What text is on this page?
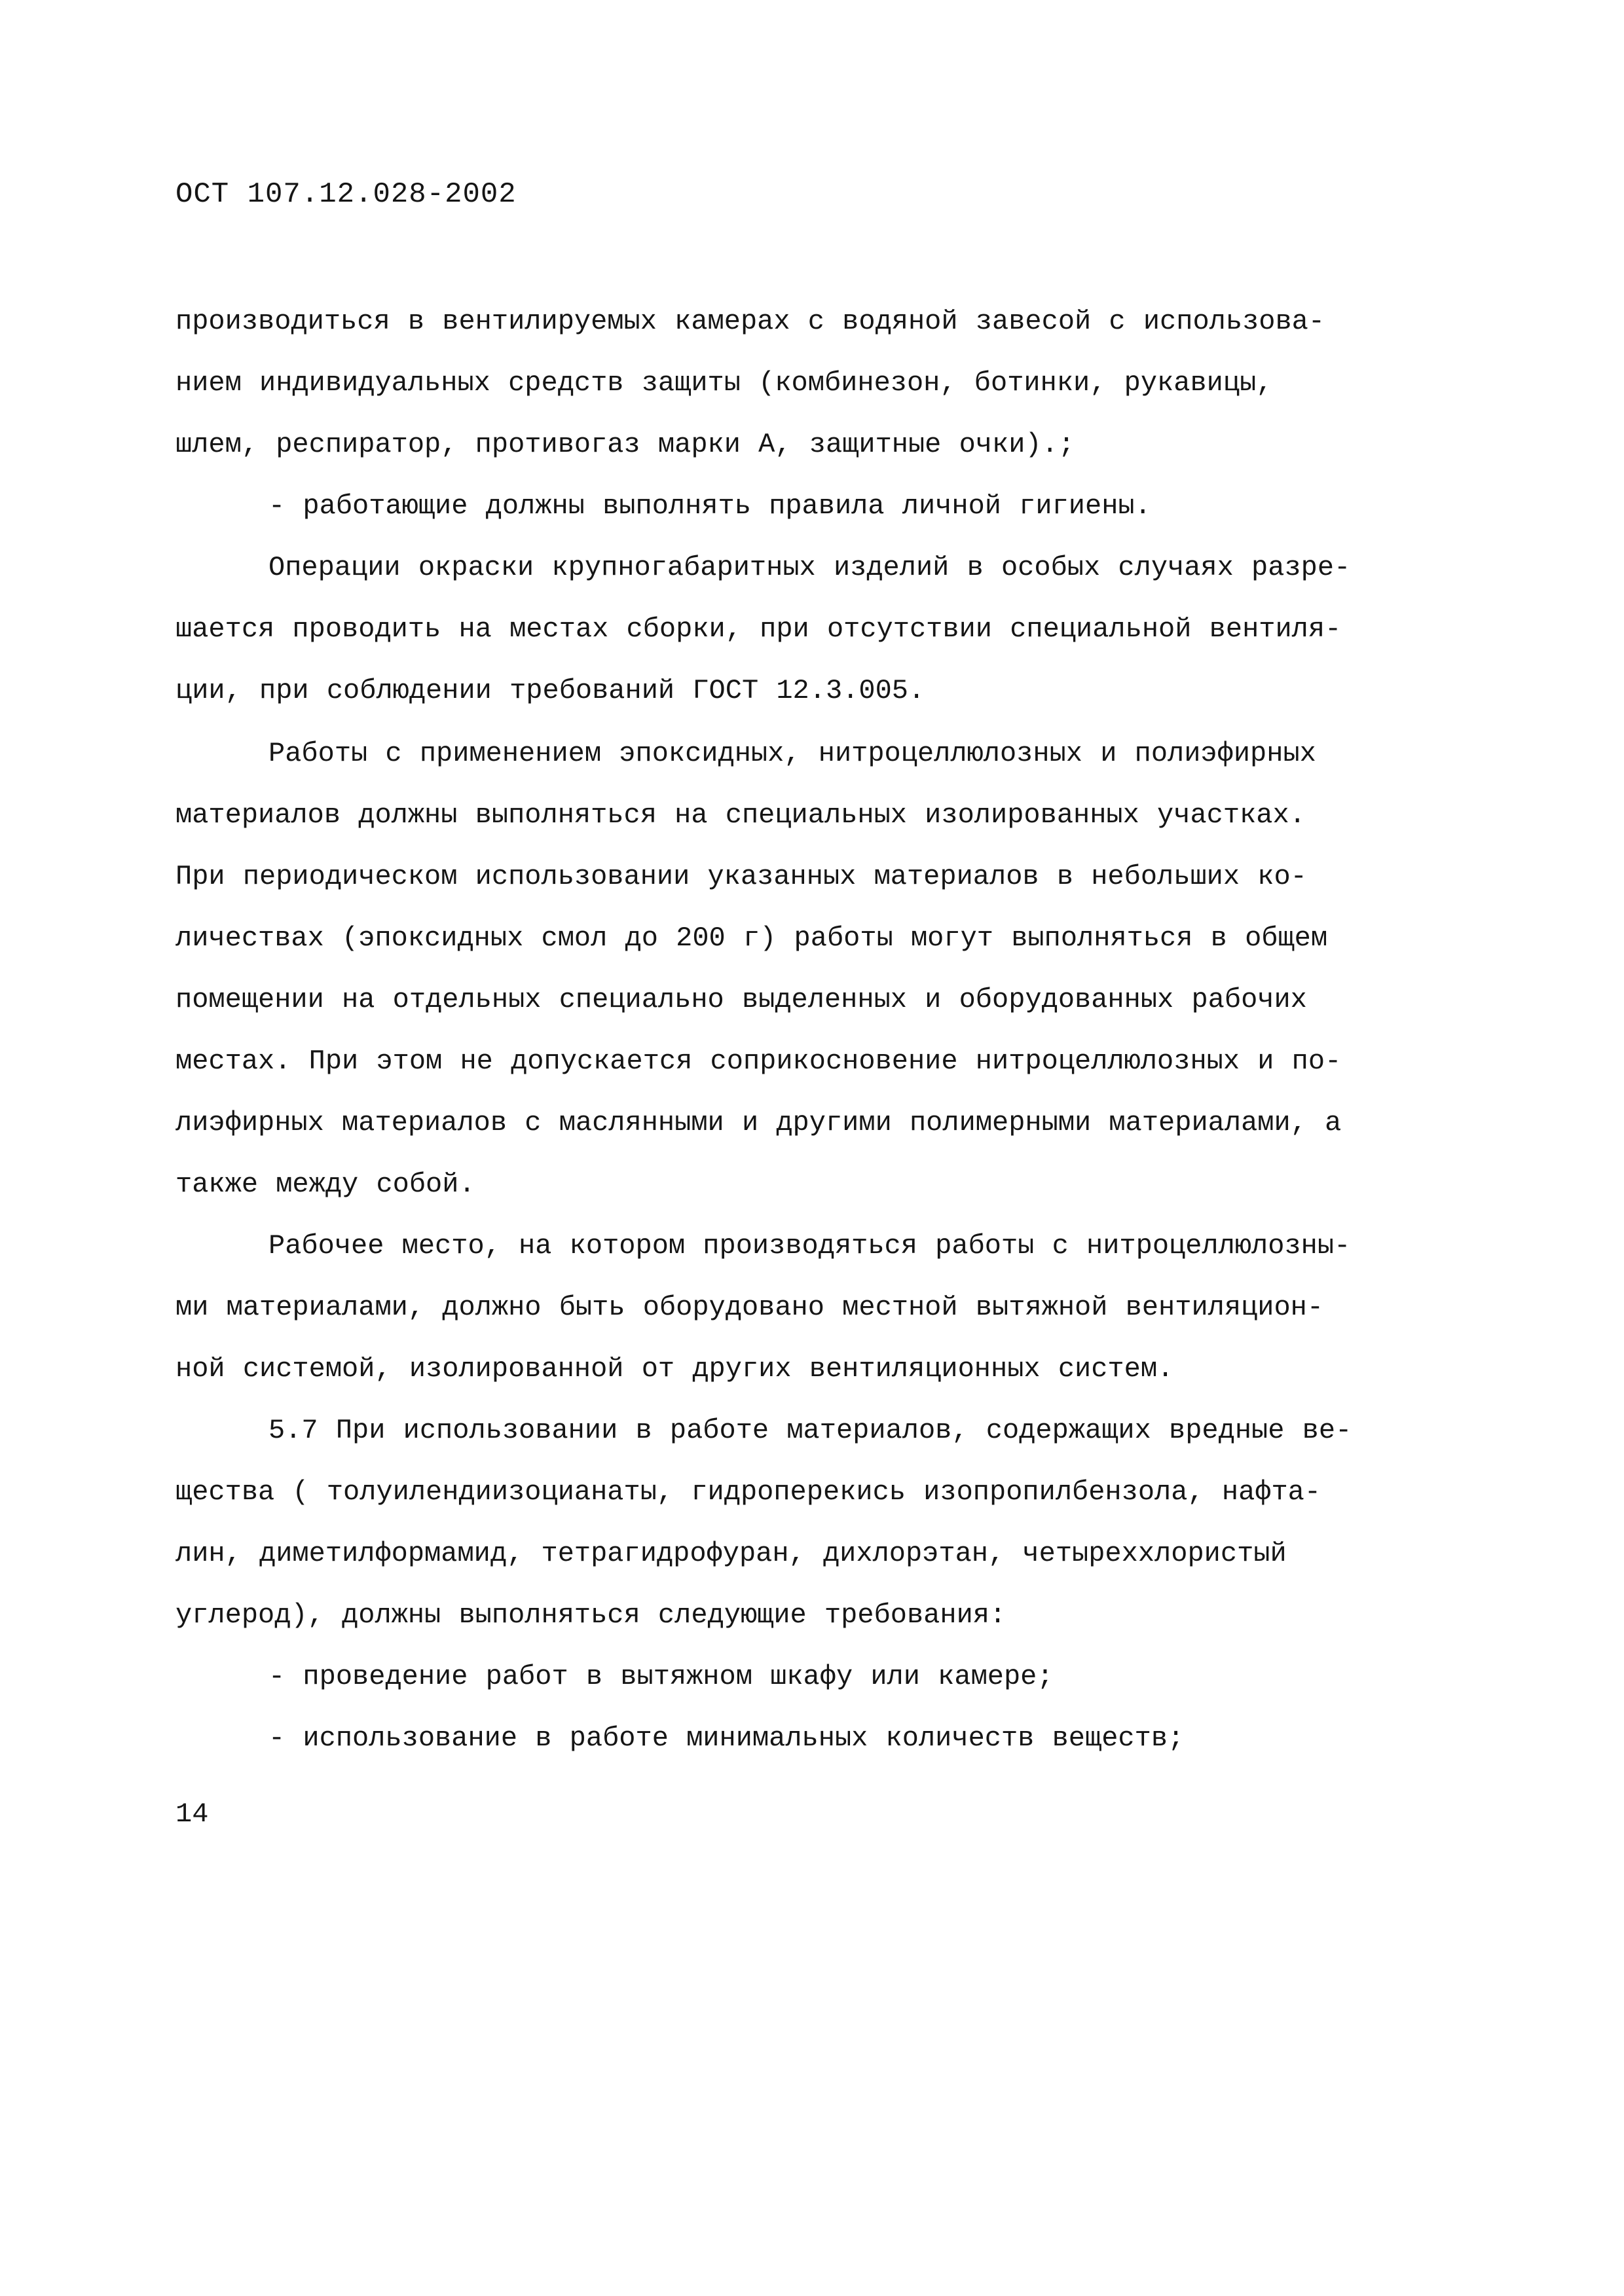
ОСТ 107.12.028-2002
производиться в вентилируемых камерах с водяной завесой с использова-
нием индивидуальных средств защиты (комбинезон, ботинки, рукавицы,
шлем, респиратор, противогаз марки А, защитные очки).;
- работающие должны выполнять правила личной гигиены.
Операции окраски крупногабаритных изделий в особых случаях разре-
шается проводить на местах сборки, при отсутствии специальной вентиля-
ции, при соблюдении требований ГОСТ 12.3.005.
Работы с применением эпоксидных, нитроцеллюлозных и полиэфирных
материалов должны выполняться на специальных изолированных участках.
При периодическом использовании указанных материалов в небольших ко-
личествах (эпоксидных смол до 200 г) работы могут выполняться в общем
помещении на отдельных специально выделенных и оборудованных рабочих
местах. При этом не допускается соприкосновение нитроцеллюлозных и по-
лиэфирных материалов с маслянными и другими полимерными материалами, а
также между собой.
Рабочее место, на котором производяться работы с нитроцеллюлозны-
ми материалами, должно быть оборудовано местной вытяжной вентиляцион-
ной системой, изолированной от других вентиляционных систем.
5.7 При использовании в работе материалов, содержащих вредные ве-
щества ( толуилендиизоцианаты, гидроперекись изопропилбензола, нафта-
лин, диметилформамид, тетрагидрофуран, дихлорэтан, четыреххлористый
углерод), должны выполняться следующие требования:
- проведение работ в вытяжном шкафу или камере;
- использование в работе минимальных количеств веществ;
14
